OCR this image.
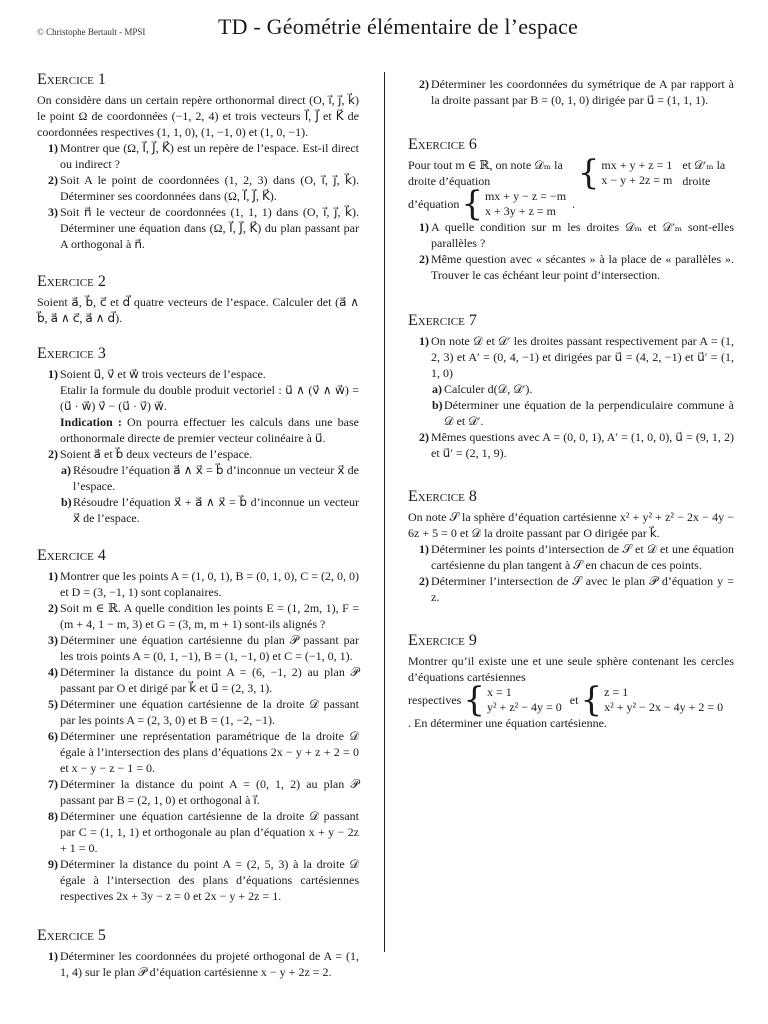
© Christophe Bertault - MPSI	TD - Géométrie élémentaire de l’espace
Exercice 1

On considère dans un certain repère orthonormal direct (O, i⃗, j⃗, k⃗) le point Ω de coordonnées (−1, 2, 4) et trois vecteurs I⃗, J⃗ et K⃗ de coordonnées respectives (1, 1, 0), (1, −1, 0) et (1, 0, −1).

1) Montrer que (Ω, I⃗, J⃗, K⃗) est un repère de l’espace. Est-il direct ou indirect ?
2) Soit A le point de coordonnées (1, 2, 3) dans (O, i⃗, j⃗, k⃗). Déterminer ses coordonnées dans (Ω, I⃗, J⃗, K⃗).
3) Soit n⃗ le vecteur de coordonnées (1, 1, 1) dans (O, i⃗, j⃗, k⃗). Déterminer une équation dans (Ω, I⃗, J⃗, K⃗) du plan passant par A orthogonal à n⃗.
Exercice 2

Soient a⃗, b⃗, c⃗ et d⃗ quatre vecteurs de l’espace. Calculer det (a⃗ ∧ b⃗, a⃗ ∧ c⃗, a⃗ ∧ d⃗).

Exercice 3
1) Soient u⃗, v⃗ et w⃗ trois vecteurs de l’espace.
Etalir la formule du double produit vectoriel : u⃗ ∧ (v⃗ ∧ w⃗) = (u⃗ · w⃗) v⃗ − (u⃗ · v⃗) w⃗.
Indication : On pourra effectuer les calculs dans une base orthonormale directe de premier vecteur colinéaire à u⃗.
2) Soient a⃗ et b⃗ deux vecteurs de l’espace.
a) Résoudre l’équation a⃗ ∧ x⃗ = b⃗ d’inconnue un vecteur x⃗ de l’espace.
b) Résoudre l’équation x⃗ + a⃗ ∧ x⃗ = b⃗ d’inconnue un vecteur x⃗ de l’espace.
Exercice 4
1) Montrer que les points A = (1, 0, 1), B = (0, 1, 0), C = (2, 0, 0) et D = (3, −1, 1) sont coplanaires.
2) Soit m ∈ ℝ. A quelle condition les points E = (1, 2m, 1), F = (m + 4, 1 − m, 3) et G = (3, m, m + 1) sont-ils alignés ?
3) Déterminer une équation cartésienne du plan 𝒫 passant par les trois points A = (0, 1, −1), B = (1, −1, 0) et C = (−1, 0, 1).
4) Déterminer la distance du point A = (6, −1, 2) au plan 𝒫 passant par O et dirigé par k⃗ et u⃗ = (2, 3, 1).
5) Déterminer une équation cartésienne de la droite 𝒟 passant par les points A = (2, 3, 0) et B = (1, −2, −1).
6) Déterminer une représentation paramétrique de la droite 𝒟 égale à l’intersection des plans d’équations 2x − y + z + 2 = 0 et x − y − z − 1 = 0.
7) Déterminer la distance du point A = (0, 1, 2) au plan 𝒫 passant par B = (2, 1, 0) et orthogonal à i⃗.
8) Déterminer une équation cartésienne de la droite 𝒟 passant par C = (1, 1, 1) et orthogonale au plan d’équation x + y − 2z + 1 = 0.
9) Déterminer la distance du point A = (2, 5, 3) à la droite 𝒟 égale à l’intersection des plans d’équations cartésiennes respectives 2x + 3y − z = 0 et 2x − y + 2z = 1.
Exercice 5
1) Déterminer les coordonnées du projeté orthogonal de A = (1, 1, 4) sur le plan 𝒫 d’équation cartésienne x − y + 2z = 2.
2) Déterminer les coordonnées du symétrique de A par rapport à la droite passant par B = (0, 1, 0) dirigée par u⃗ = (1, 1, 1).
Exercice 6
Pour tout m ∈ ℝ, on note 𝒟ₘ la droite d’équation	{ mx + y + z = 1
x − y + 2z = m
et 𝒟′ₘ la droite
d’équation { mx + y − z = −m
x + 3y + z = m	.
1) A quelle condition sur m les droites 𝒟ₘ et 𝒟′ₘ sont-elles parallèles ?
2) Même question avec « sécantes » à la place de « parallèles ». Trouver le cas échéant leur point d’intersection.
Exercice 7
1) On note 𝒟 et 𝒟′ les droites passant respectivement par A = (1, 2, 3) et A′ = (0, 4, −1) et dirigées par u⃗ = (4, 2, −1) et u⃗′ = (1, 1, 0)
a) Calculer d(𝒟, 𝒟′).
b) Déterminer une équation de la perpendiculaire commune à 𝒟 et 𝒟′.
2) Mêmes questions avec A = (0, 0, 1), A′ = (1, 0, 0), u⃗ = (9, 1, 2) et u⃗′ = (2, 1, 9).
Exercice 8

On note 𝒮 la sphère d’équation cartésienne x² + y² + z² − 2x − 4y − 6z + 5 = 0 et 𝒟 la droite passant par O dirigée par k⃗.

1) Déterminer les points d’intersection de 𝒮 et 𝒟 et une équation cartésienne du plan tangent à 𝒮 en chacun de ces points.
2) Déterminer l’intersection de 𝒮 avec le plan 𝒫 d’équation y = z.
Exercice 9

Montrer qu’il existe une et une seule sphère contenant les cercles d’équations cartésiennes

respectives { x = 1
y² + z² − 4y = 0 et { z = 1
x² + y² − 2x − 4y + 2 = 0

. En déterminer une équation cartésienne.
